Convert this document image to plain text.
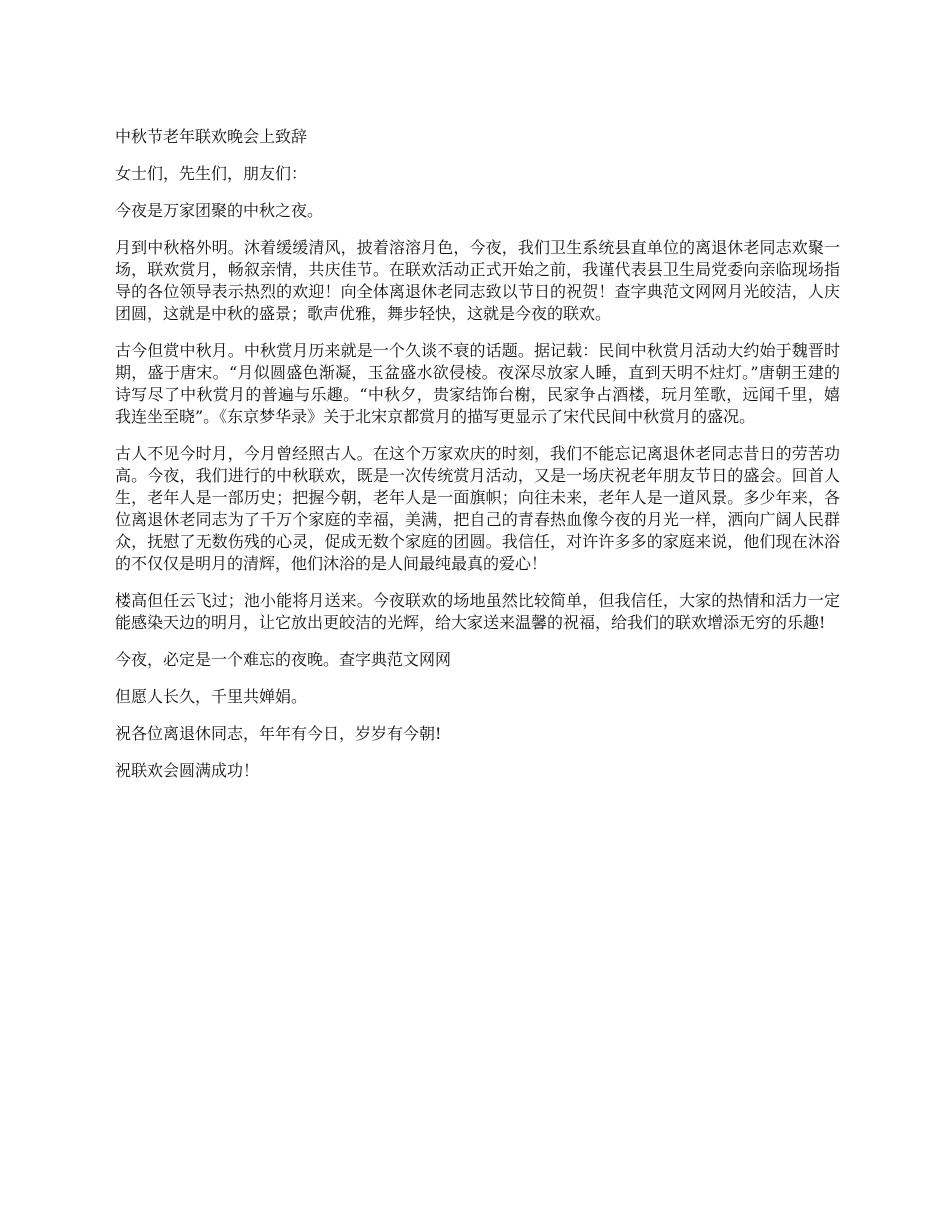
中秋节老年联欢晚会上致辞

女士们，先生们，朋友们：

今夜是万家团聚的中秋之夜。

月到中秋格外明。沐着缓缓清风，披着溶溶月色，今夜，我们卫生系统县直单位的离退休老同志欢聚一场，联欢赏月，畅叙亲情，共庆佳节。在联欢活动正式开始之前，我谨代表县卫生局党委向亲临现场指导的各位领导表示热烈的欢迎！向全体离退休老同志致以节日的祝贺！查字典范文网网月光皎洁，人庆团圆，这就是中秋的盛景；歌声优雅，舞步轻快，这就是今夜的联欢。

古今但赏中秋月。中秋赏月历来就是一个久谈不衰的话题。据记载：民间中秋赏月活动大约始于魏晋时期，盛于唐宋。“月似圆盛色渐凝，玉盆盛水欲侵棱。夜深尽放家人睡，直到天明不炷灯。”唐朝王建的诗写尽了中秋赏月的普遍与乐趣。“中秋夕，贵家结饰台榭，民家争占酒楼，玩月笙歌，远闻千里，嬉我连坐至晓”。《东京梦华录》关于北宋京都赏月的描写更显示了宋代民间中秋赏月的盛况。

古人不见今时月，今月曾经照古人。在这个万家欢庆的时刻，我们不能忘记离退休老同志昔日的劳苦功高。今夜，我们进行的中秋联欢，既是一次传统赏月活动，又是一场庆祝老年朋友节日的盛会。回首人生，老年人是一部历史；把握今朝，老年人是一面旗帜；向往未来，老年人是一道风景。多少年来，各位离退休老同志为了千万个家庭的幸福，美满，把自己的青春热血像今夜的月光一样，洒向广阔人民群众，抚慰了无数伤残的心灵，促成无数个家庭的团圆。我信任，对许许多多的家庭来说，他们现在沐浴的不仅仅是明月的清辉，他们沐浴的是人间最纯最真的爱心！

楼高但任云飞过；池小能将月送来。今夜联欢的场地虽然比较简单，但我信任，大家的热情和活力一定能感染天边的明月，让它放出更皎洁的光辉，给大家送来温馨的祝福，给我们的联欢增添无穷的乐趣!

今夜，必定是一个难忘的夜晚。查字典范文网网

但愿人长久，千里共婵娟。

祝各位离退休同志，年年有今日，岁岁有今朝!

祝联欢会圆满成功！
